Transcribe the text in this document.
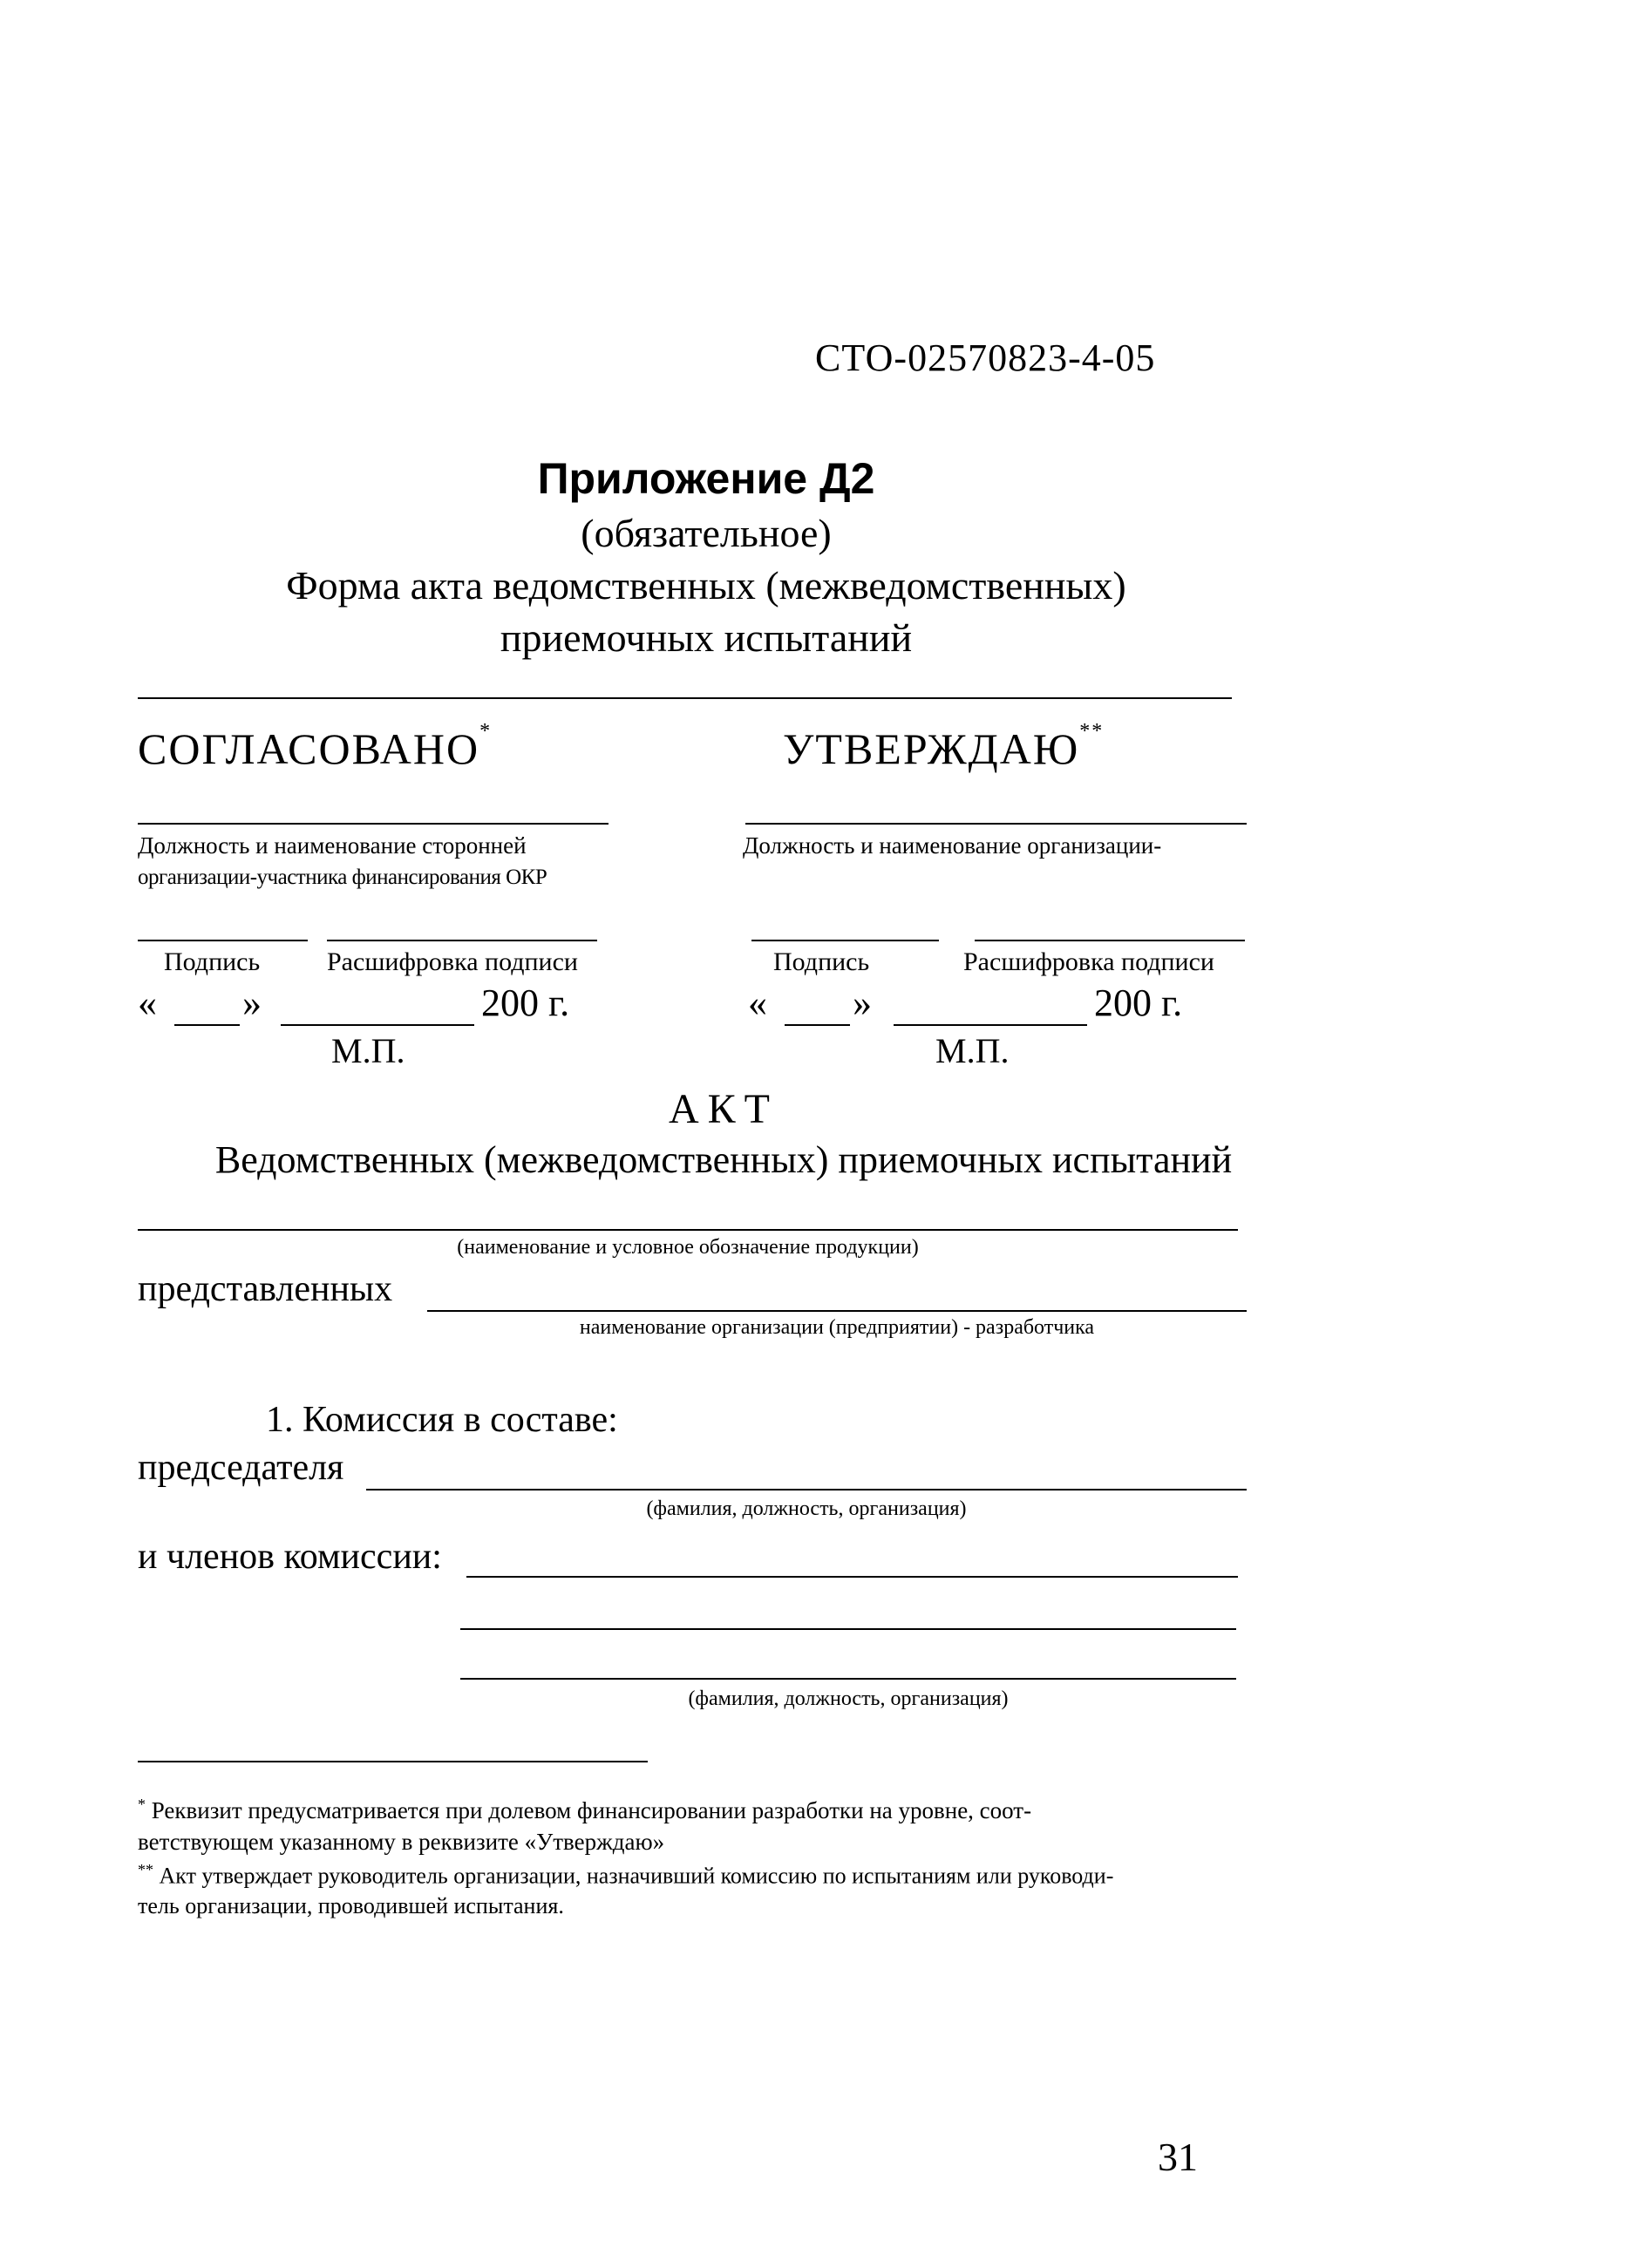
СТО-02570823-4-05
Приложение Д2
(обязательное)
Форма акта ведомственных (межведомственных)
приемочных испытаний
СОГЛАСОВАНО*
Должность и наименование сторонней
организации-участника финансирования ОКР
Подпись	Расшифровка подписи
« »	200 г.
М.П.
УТВЕРЖДАЮ**
Должность и наименование организации-
Подпись	Расшифровка подписи
« »	200 г.
М.П.
АКТ
Ведомственных (межведомственных) приемочных испытаний
(наименование и условное обозначение продукции)
представленных
наименование организации (предприятии) - разработчика
1. Комиссия в составе:
председателя
(фамилия, должность, организация)
и членов комиссии:
(фамилия, должность, организация)
* Реквизит предусматривается при долевом финансировании разработки на уровне, соот-
ветствующем указанному в реквизите «Утверждаю»
** Акт утверждает руководитель организации, назначивший комиссию по испытаниям или руководи-
тель организации, проводившей испытания.
31
